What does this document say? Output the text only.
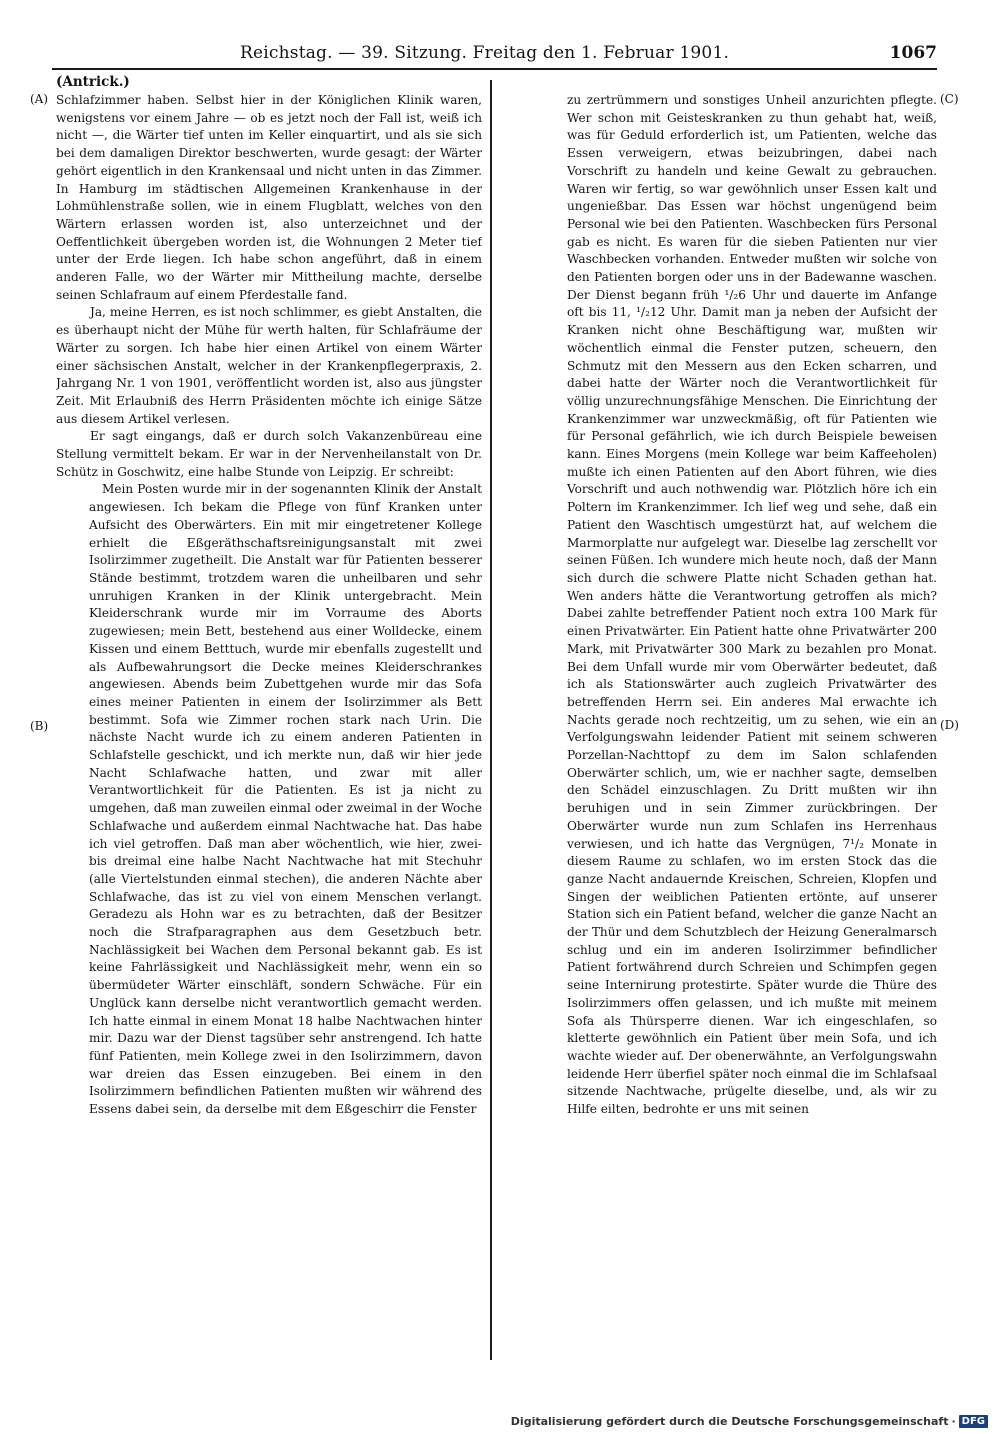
Reichstag. — 39. Sitzung. Freitag den 1. Februar 1901.	1067
(Antrick.)
(A)
(B)
(C)
(D)

Schlafzimmer haben. Selbst hier in der Königlichen Klinik waren, wenigstens vor einem Jahre — ob es jetzt noch der Fall ist, weiß ich nicht —, die Wärter tief unten im Keller einquartirt, und als sie sich bei dem damaligen Direktor beschwerten, wurde gesagt: der Wärter gehört eigentlich in den Krankensaal und nicht unten in das Zimmer. In Hamburg im städtischen Allgemeinen Krankenhause in der Lohmühlenstraße sollen, wie in einem Flugblatt, welches von den Wärtern erlassen worden ist, also unterzeichnet und der Oeffentlichkeit übergeben worden ist, die Wohnungen 2 Meter tief unter der Erde liegen. Ich habe schon angeführt, daß in einem anderen Falle, wo der Wärter mir Mittheilung machte, derselbe seinen Schlafraum auf einem Pferdestalle fand.

Ja, meine Herren, es ist noch schlimmer, es giebt Anstalten, die es überhaupt nicht der Mühe für werth halten, für Schlafräume der Wärter zu sorgen. Ich habe hier einen Artikel von einem Wärter einer sächsischen Anstalt, welcher in der Krankenpflegerpraxis, 2. Jahrgang Nr. 1 von 1901, veröffentlicht worden ist, also aus jüngster Zeit. Mit Erlaubniß des Herrn Präsidenten möchte ich einige Sätze aus diesem Artikel verlesen.

Er sagt eingangs, daß er durch solch Vakanzenbüreau eine Stellung vermittelt bekam. Er war in der Nervenheilanstalt von Dr. Schütz in Goschwitz, eine halbe Stunde von Leipzig. Er schreibt:

Mein Posten wurde mir in der sogenannten Klinik der Anstalt angewiesen. Ich bekam die Pflege von fünf Kranken unter Aufsicht des Oberwärters. Ein mit mir eingetretener Kollege erhielt die Eßgeräthschaftsreinigungsanstalt mit zwei Isolirzimmer zugetheilt. Die Anstalt war für Patienten besserer Stände bestimmt, trotzdem waren die unheilbaren und sehr unruhigen Kranken in der Klinik untergebracht. Mein Kleiderschrank wurde mir im Vorraume des Aborts zugewiesen; mein Bett, bestehend aus einer Wolldecke, einem Kissen und einem Betttuch, wurde mir ebenfalls zugestellt und als Aufbewahrungsort die Decke meines Kleiderschrankes angewiesen. Abends beim Zubettgehen wurde mir das Sofa eines meiner Patienten in einem der Isolirzimmer als Bett bestimmt. Sofa wie Zimmer rochen stark nach Urin. Die nächste Nacht wurde ich zu einem anderen Patienten in Schlafstelle geschickt, und ich merkte nun, daß wir hier jede Nacht Schlafwache hatten, und zwar mit aller Verantwortlichkeit für die Patienten. Es ist ja nicht zu umgehen, daß man zuweilen einmal oder zweimal in der Woche Schlafwache und außerdem einmal Nachtwache hat. Das habe ich viel getroffen. Daß man aber wöchentlich, wie hier, zwei- bis dreimal eine halbe Nacht Nachtwache hat mit Stechuhr (alle Viertelstunden einmal stechen), die anderen Nächte aber Schlafwache, das ist zu viel von einem Menschen verlangt. Geradezu als Hohn war es zu betrachten, daß der Besitzer noch die Strafparagraphen aus dem Gesetzbuch betr. Nachlässigkeit bei Wachen dem Personal bekannt gab. Es ist keine Fahrlässigkeit und Nachlässigkeit mehr, wenn ein so übermüdeter Wärter einschläft, sondern Schwäche. Für ein Unglück kann derselbe nicht verantwortlich gemacht werden. Ich hatte einmal in einem Monat 18 halbe Nachtwachen hinter mir. Dazu war der Dienst tagsüber sehr anstrengend. Ich hatte fünf Patienten, mein Kollege zwei in den Isolirzimmern, davon war dreien das Essen einzugeben. Bei einem in den Isolirzimmern befindlichen Patienten mußten wir während des Essens dabei sein, da derselbe mit dem Eßgeschirr die Fenster

zu zertrümmern und sonstiges Unheil anzurichten pflegte. Wer schon mit Geisteskranken zu thun gehabt hat, weiß, was für Geduld erforderlich ist, um Patienten, welche das Essen verweigern, etwas beizubringen, dabei nach Vorschrift zu handeln und keine Gewalt zu gebrauchen. Waren wir fertig, so war gewöhnlich unser Essen kalt und ungenießbar. Das Essen war höchst ungenügend beim Personal wie bei den Patienten. Waschbecken fürs Personal gab es nicht. Es waren für die sieben Patienten nur vier Waschbecken vorhanden. Entweder mußten wir solche von den Patienten borgen oder uns in der Badewanne waschen. Der Dienst begann früh ¹/₂6 Uhr und dauerte im Anfange oft bis 11, ¹/₂12 Uhr. Damit man ja neben der Aufsicht der Kranken nicht ohne Beschäftigung war, mußten wir wöchentlich einmal die Fenster putzen, scheuern, den Schmutz mit den Messern aus den Ecken scharren, und dabei hatte der Wärter noch die Verantwortlichkeit für völlig unzurechnungsfähige Menschen. Die Einrichtung der Krankenzimmer war unzweckmäßig, oft für Patienten wie für Personal gefährlich, wie ich durch Beispiele beweisen kann. Eines Morgens (mein Kollege war beim Kaffeeholen) mußte ich einen Patienten auf den Abort führen, wie dies Vorschrift und auch nothwendig war. Plötzlich höre ich ein Poltern im Krankenzimmer. Ich lief weg und sehe, daß ein Patient den Waschtisch umgestürzt hat, auf welchem die Marmorplatte nur aufgelegt war. Dieselbe lag zerschellt vor seinen Füßen. Ich wundere mich heute noch, daß der Mann sich durch die schwere Platte nicht Schaden gethan hat. Wen anders hätte die Verantwortung getroffen als mich? Dabei zahlte betreffender Patient noch extra 100 Mark für einen Privatwärter. Ein Patient hatte ohne Privatwärter 200 Mark, mit Privatwärter 300 Mark zu bezahlen pro Monat. Bei dem Unfall wurde mir vom Oberwärter bedeutet, daß ich als Stationswärter auch zugleich Privatwärter des betreffenden Herrn sei. Ein anderes Mal erwachte ich Nachts gerade noch rechtzeitig, um zu sehen, wie ein an Verfolgungswahn leidender Patient mit seinem schweren Porzellan-Nachttopf zu dem im Salon schlafenden Oberwärter schlich, um, wie er nachher sagte, demselben den Schädel einzuschlagen. Zu Dritt mußten wir ihn beruhigen und in sein Zimmer zurückbringen. Der Oberwärter wurde nun zum Schlafen ins Herrenhaus verwiesen, und ich hatte das Vergnügen, 7¹/₂ Monate in diesem Raume zu schlafen, wo im ersten Stock das die ganze Nacht andauernde Kreischen, Schreien, Klopfen und Singen der weiblichen Patienten ertönte, auf unserer Station sich ein Patient befand, welcher die ganze Nacht an der Thür und dem Schutzblech der Heizung Generalmarsch schlug und ein im anderen Isolirzimmer befindlicher Patient fortwährend durch Schreien und Schimpfen gegen seine Internirung protestirte. Später wurde die Thüre des Isolirzimmers offen gelassen, und ich mußte mit meinem Sofa als Thürsperre dienen. War ich eingeschlafen, so kletterte gewöhnlich ein Patient über mein Sofa, und ich wachte wieder auf. Der obenerwähnte, an Verfolgungswahn leidende Herr überfiel später noch einmal die im Schlafsaal sitzende Nachtwache, prügelte dieselbe, und, als wir zu Hilfe eilten, bedrohte er uns mit seinen

Digitalisierung gefördert durch die Deutsche Forschungsgemeinschaft · DFG
